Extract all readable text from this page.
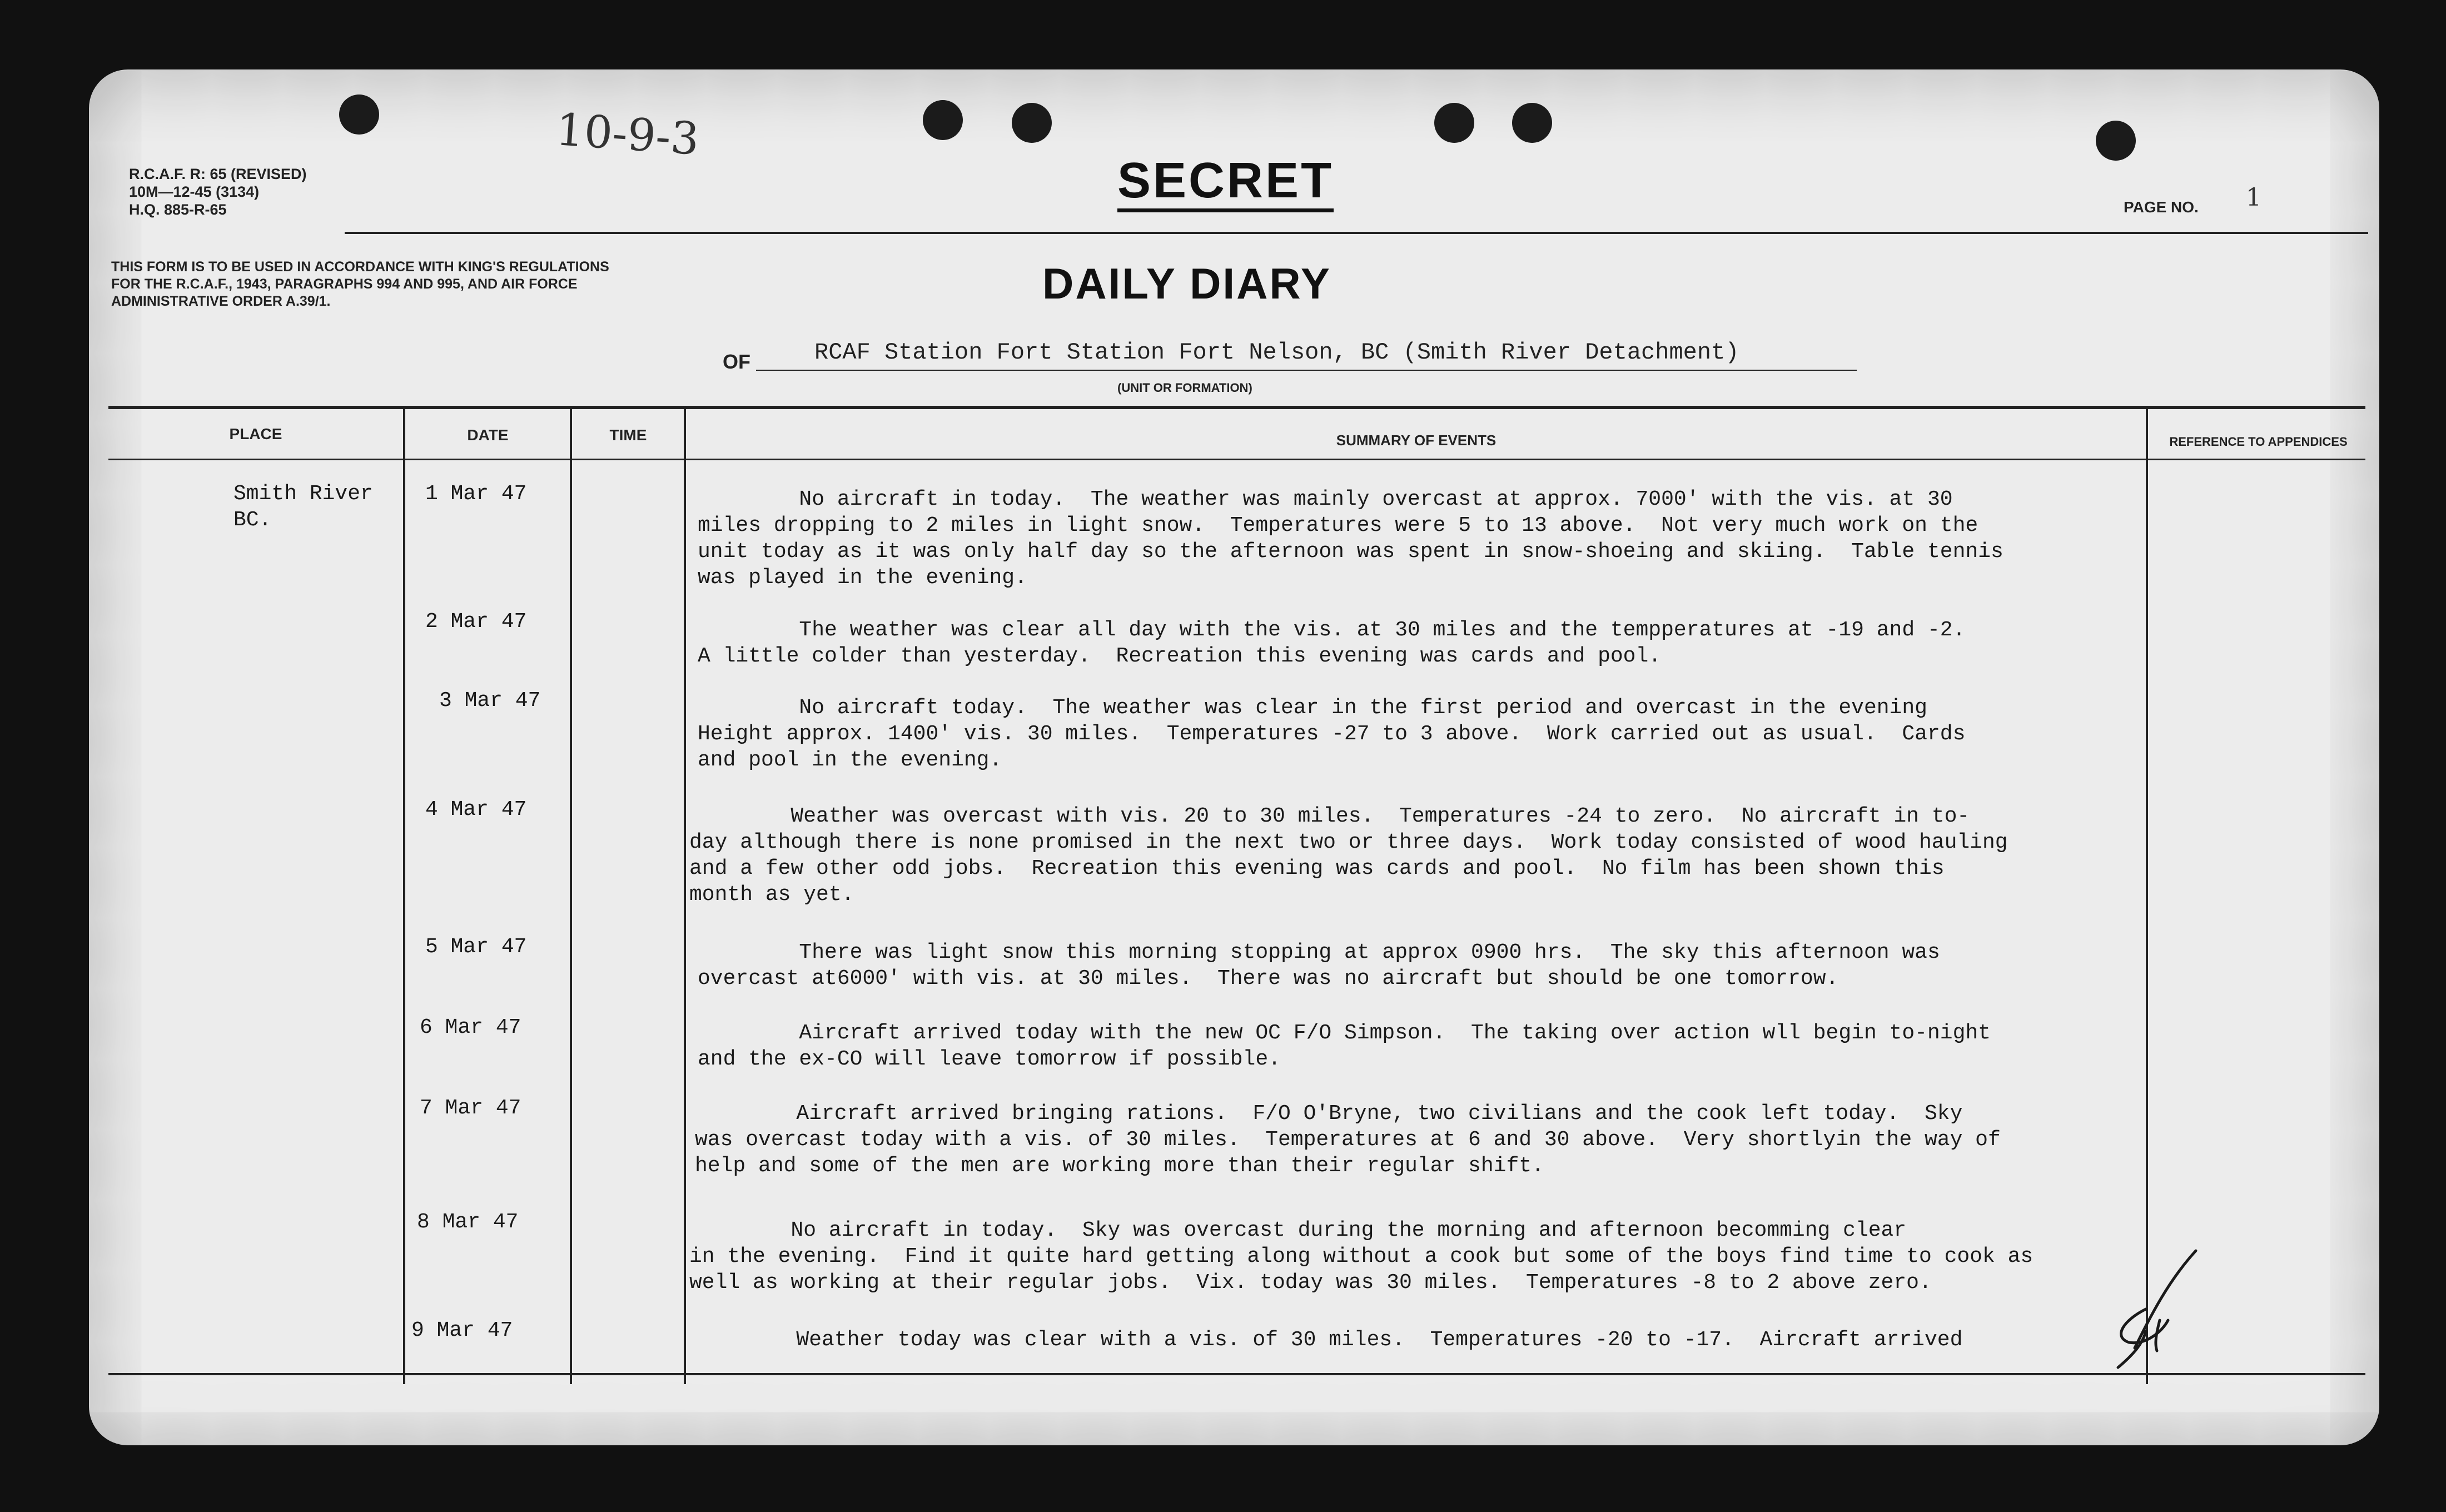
10-9-3
R.C.A.F. R: 65 (REVISED)
10M—12-45 (3134)
H.Q. 885-R-65
SECRET	PAGE NO. 1
THIS FORM IS TO BE USED IN ACCORDANCE WITH KING'S REGULATIONS FOR THE R.C.A.F., 1943, PARAGRAPHS 994 AND 995, AND AIR FORCE ADMINISTRATIVE ORDER A.39/1.	DAILY DIARY
OF	RCAF Station Fort Station Fort Nelson, BC (Smith River Detachment)
(UNIT OR FORMATION)
PLACE	DATE	TIME	SUMMARY OF EVENTS	REFERENCE TO APPENDICES
Smith River
BC.
1 Mar 47	No aircraft in today.  The weather was mainly overcast at approx. 7000' with the vis. at 30
miles dropping to 2 miles in light snow.  Temperatures were 5 to 13 above.  Not very much work on the
unit today as it was only half day so the afternoon was spent in snow-shoeing and skiing.  Table tennis
was played in the evening.
2 Mar 47	The weather was clear all day with the vis. at 30 miles and the tempperatures at -19 and -2.
A little colder than yesterday.  Recreation this evening was cards and pool.
3 Mar 47	No aircraft today.  The weather was clear in the first period and overcast in the evening
Height approx. 1400' vis. 30 miles.  Temperatures -27 to 3 above.  Work carried out as usual.  Cards
and pool in the evening.
4 Mar 47	Weather was overcast with vis. 20 to 30 miles.  Temperatures -24 to zero.  No aircraft in to-
day although there is none promised in the next two or three days.  Work today consisted of wood hauling
and a few other odd jobs.  Recreation this evening was cards and pool.  No film has been shown this
month as yet.
5 Mar 47	There was light snow this morning stopping at approx 0900 hrs.  The sky this afternoon was
overcast at6000' with vis. at 30 miles.  There was no aircraft but should be one tomorrow.
6 Mar 47	Aircraft arrived today with the new OC F/O Simpson.  The taking over action wll begin to-night
and the ex-CO will leave tomorrow if possible.
7 Mar 47	Aircraft arrived bringing rations.  F/O O'Bryne, two civilians and the cook left today.  Sky
was overcast today with a vis. of 30 miles.  Temperatures at 6 and 30 above.  Very shortlyin the way of
help and some of the men are working more than their regular shift.
8 Mar 47	No aircraft in today.  Sky was overcast during the morning and afternoon becomming clear
in the evening.  Find it quite hard getting along without a cook but some of the boys find time to cook as
well as working at their regular jobs.  Vix. today was 30 miles.  Temperatures -8 to 2 above zero.
9 Mar 47	Weather today was clear with a vis. of 30 miles.  Temperatures -20 to -17.  Aircraft arrived
